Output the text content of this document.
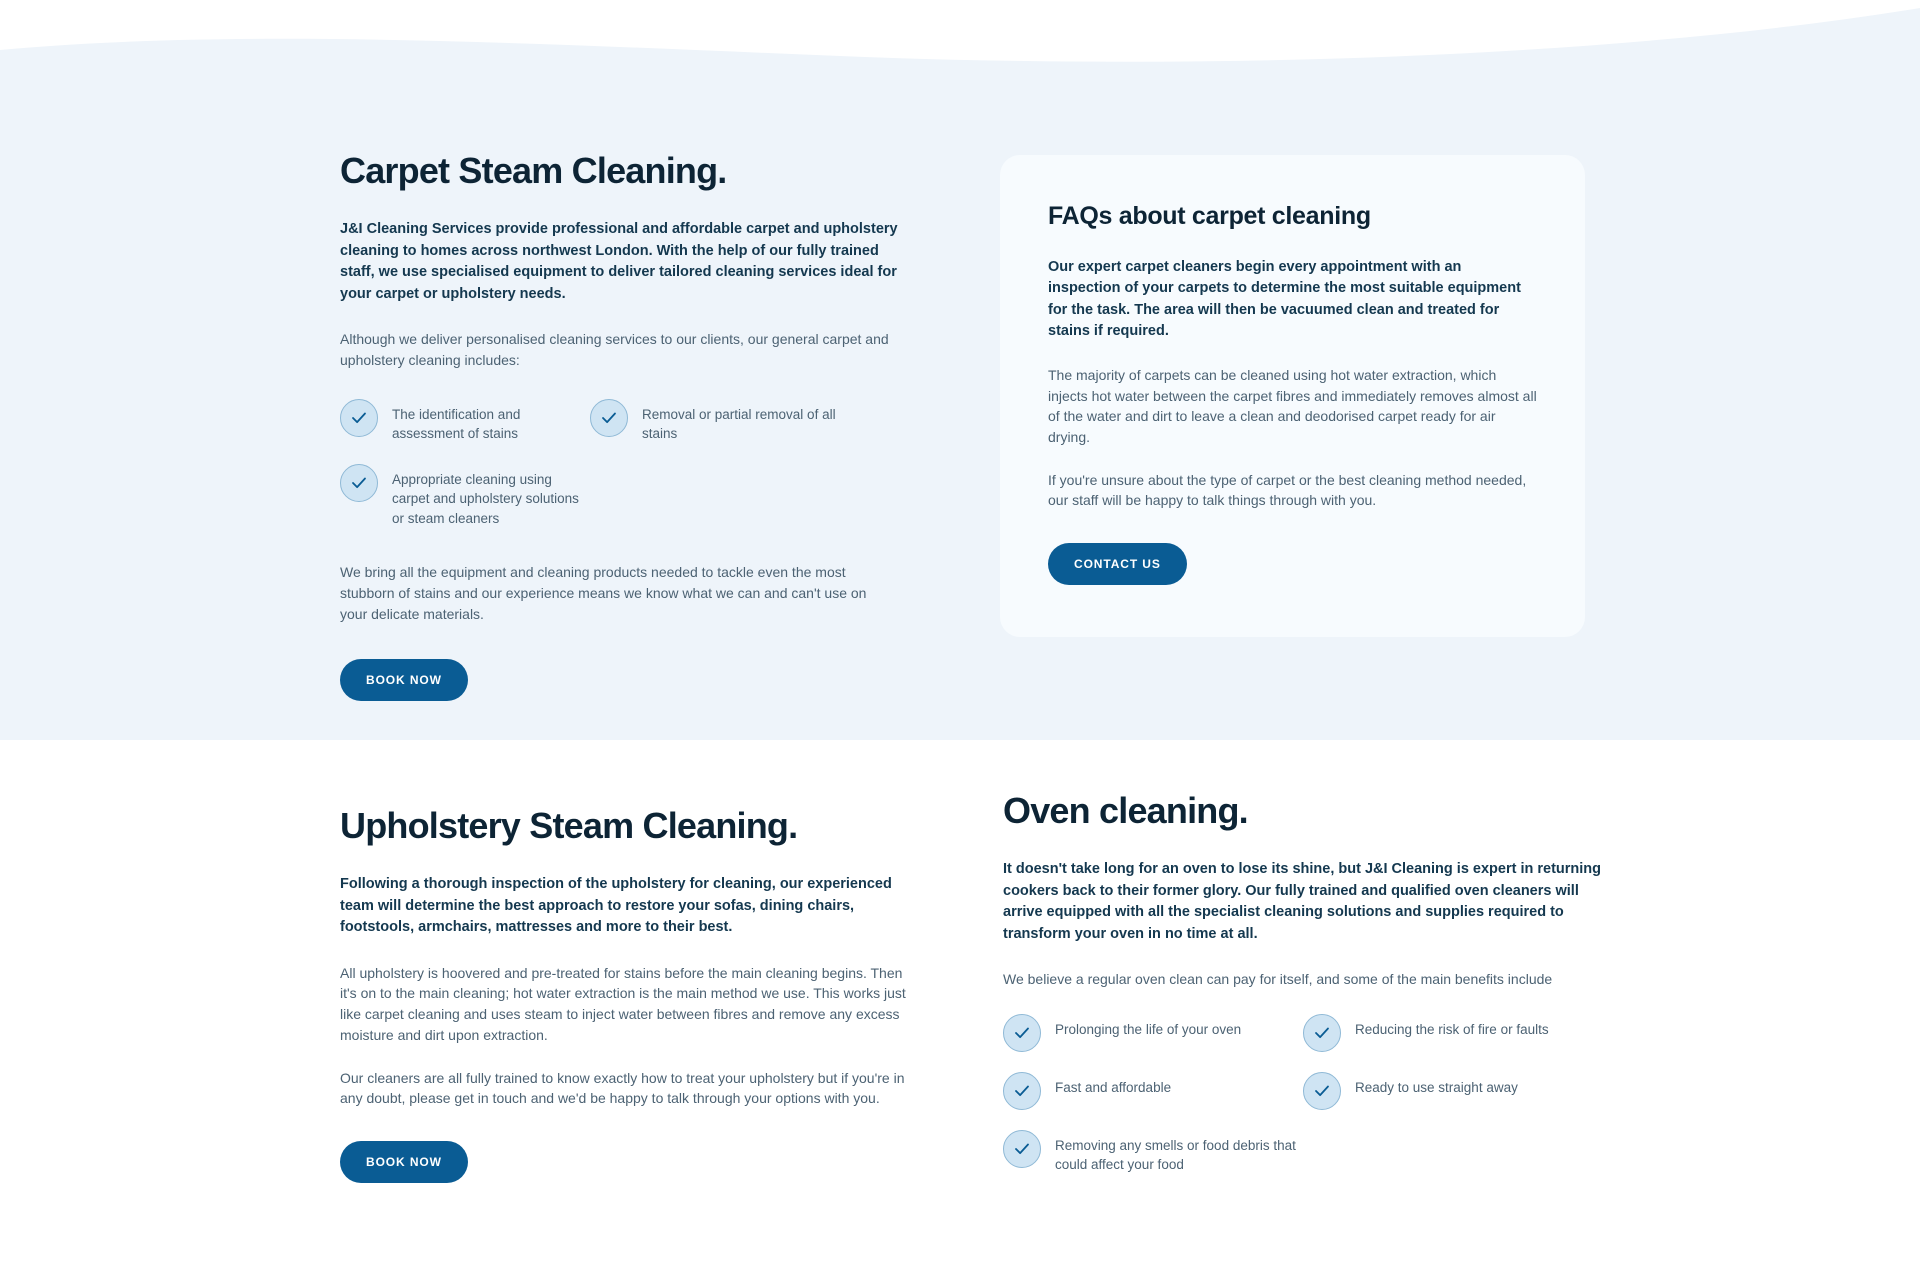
Carpet Steam Cleaning.

J&I Cleaning Services provide professional and affordable carpet and upholstery cleaning to homes across northwest London. With the help of our fully trained staff, we use specialised equipment to deliver tailored cleaning services ideal for your carpet or upholstery needs.

Although we deliver personalised cleaning services to our clients, our general carpet and upholstery cleaning includes:

The identification and assessment of stains
Removal or partial removal of all stains
Appropriate cleaning using carpet and upholstery solutions or steam cleaners

We bring all the equipment and cleaning products needed to tackle even the most stubborn of stains and our experience means we know what we can and can't use on your delicate materials.

BOOK NOW
FAQs about carpet cleaning

Our expert carpet cleaners begin every appointment with an inspection of your carpets to determine the most suitable equipment for the task. The area will then be vacuumed clean and treated for stains if required.

The majority of carpets can be cleaned using hot water extraction, which injects hot water between the carpet fibres and immediately removes almost all of the water and dirt to leave a clean and deodorised carpet ready for air drying.

If you're unsure about the type of carpet or the best cleaning method needed, our staff will be happy to talk things through with you.

CONTACT US
Upholstery Steam Cleaning.

Following a thorough inspection of the upholstery for cleaning, our experienced team will determine the best approach to restore your sofas, dining chairs, footstools, armchairs, mattresses and more to their best.

All upholstery is hoovered and pre-treated for stains before the main cleaning begins. Then it's on to the main cleaning; hot water extraction is the main method we use. This works just like carpet cleaning and uses steam to inject water between fibres and remove any excess moisture and dirt upon extraction.

Our cleaners are all fully trained to know exactly how to treat your upholstery but if you're in any doubt, please get in touch and we'd be happy to talk through your options with you.

BOOK NOW
Oven cleaning.

It doesn't take long for an oven to lose its shine, but J&I Cleaning is expert in returning cookers back to their former glory. Our fully trained and qualified oven cleaners will arrive equipped with all the specialist cleaning solutions and supplies required to transform your oven in no time at all.

We believe a regular oven clean can pay for itself, and some of the main benefits include

Prolonging the life of your oven	Reducing the risk of fire or faults
Fast and affordable	Ready to use straight away
Removing any smells or food debris that could affect your food
